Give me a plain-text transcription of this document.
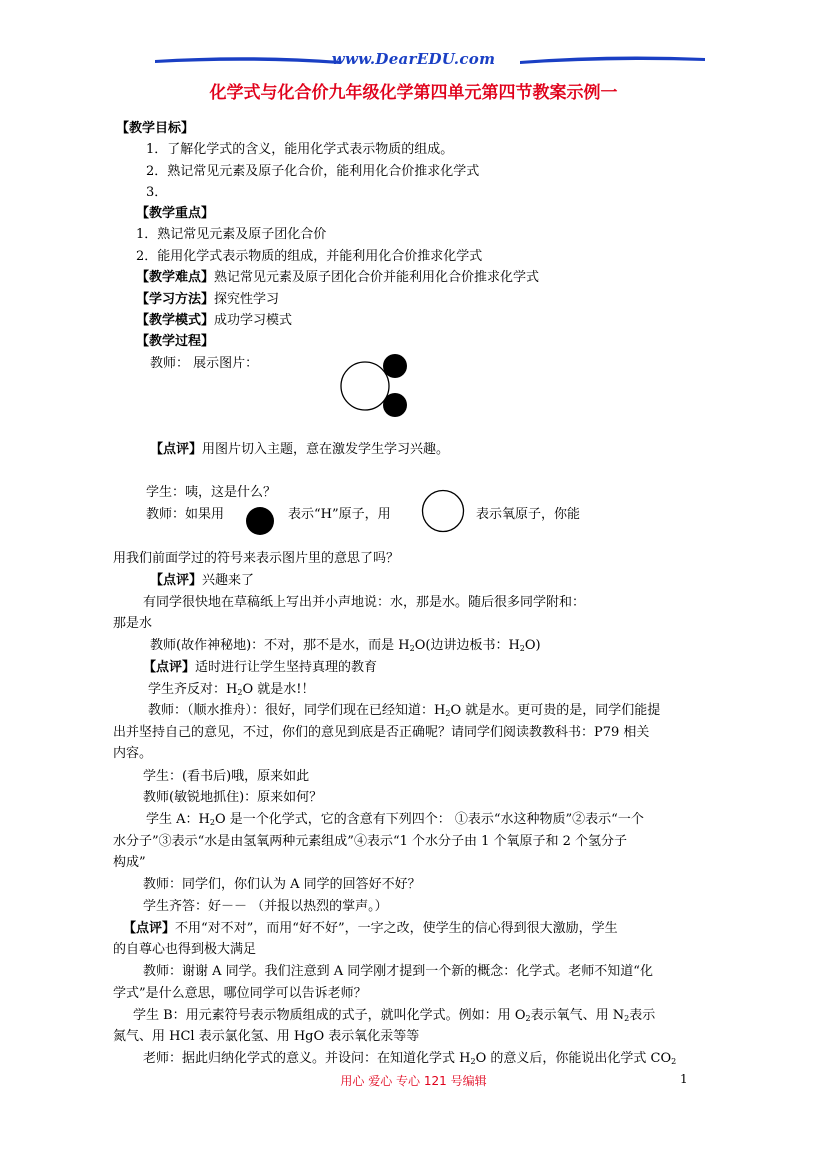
www.DearEDU.com
化学式与化合价九年级化学第四单元第四节教案示例一
【教学目标】
1．了解化学式的含义，能用化学式表示物质的组成。
2．熟记常见元素及原子化合价，能利用化合价推求化学式
3．
【教学重点】
1．熟记常见元素及原子团化合价
2．能用化学式表示物质的组成，并能利用化合价推求化学式
【教学难点】熟记常见元素及原子团化合价并能利用化合价推求化学式
【学习方法】探究性学习
【教学模式】成功学习模式
【教学过程】
教师： 展示图片：
【点评】用图片切入主题，意在激发学生学习兴趣。
学生：咦，这是什么？
教师：如果用	表示“H”原子，用	表示氧原子，你能
用我们前面学过的符号来表示图片里的意思了吗？
【点评】兴趣来了
有同学很快地在草稿纸上写出并小声地说：水，那是水。随后很多同学附和：
那是水
教师(故作神秘地)：不对，那不是水，而是 $H_2O$(边讲边板书：$H_2O$)
【点评】适时进行让学生坚持真理的教育
学生齐反对：$H_2O$ 就是水!！
教师：（顺水推舟）：很好，同学们现在已经知道：$H_2O$ 就是水。更可贵的是，同学们能提
出并坚持自己的意见，不过，你们的意见到底是否正确呢？请同学们阅读教教科书：P79 相关
内容。
学生：(看书后)哦，原来如此
教师(敏锐地抓住)：原来如何？
学生 A：$H_2O$ 是一个化学式，它的含意有下列四个： ①表示“水这种物质”②表示“一个
水分子”③表示“水是由氢氧两种元素组成”④表示“1 个水分子由 1 个氧原子和 2 个氢分子
构成”
教师：同学们，你们认为 A 同学的回答好不好？
学生齐答：好－－ （并报以热烈的掌声。）
【点评】不用“对不对”，而用“好不好”，一字之改，使学生的信心得到很大激励，学生
的自尊心也得到极大满足
教师：谢谢 A 同学。我们注意到 A 同学刚才提到一个新的概念：化学式。老师不知道“化
学式”是什么意思，哪位同学可以告诉老师？
学生 B：用元素符号表示物质组成的式子，就叫化学式。例如：用 $O_2$表示氧气、用 $N_2$表示
氮气、用 HCl 表示氯化氢、用 HgO 表示氧化汞等等
老师：据此归纳化学式的意义。并设问：在知道化学式 $H_2O$ 的意义后，你能说出化学式 $CO_2$
用心 爱心 专心 121 号编辑	1
